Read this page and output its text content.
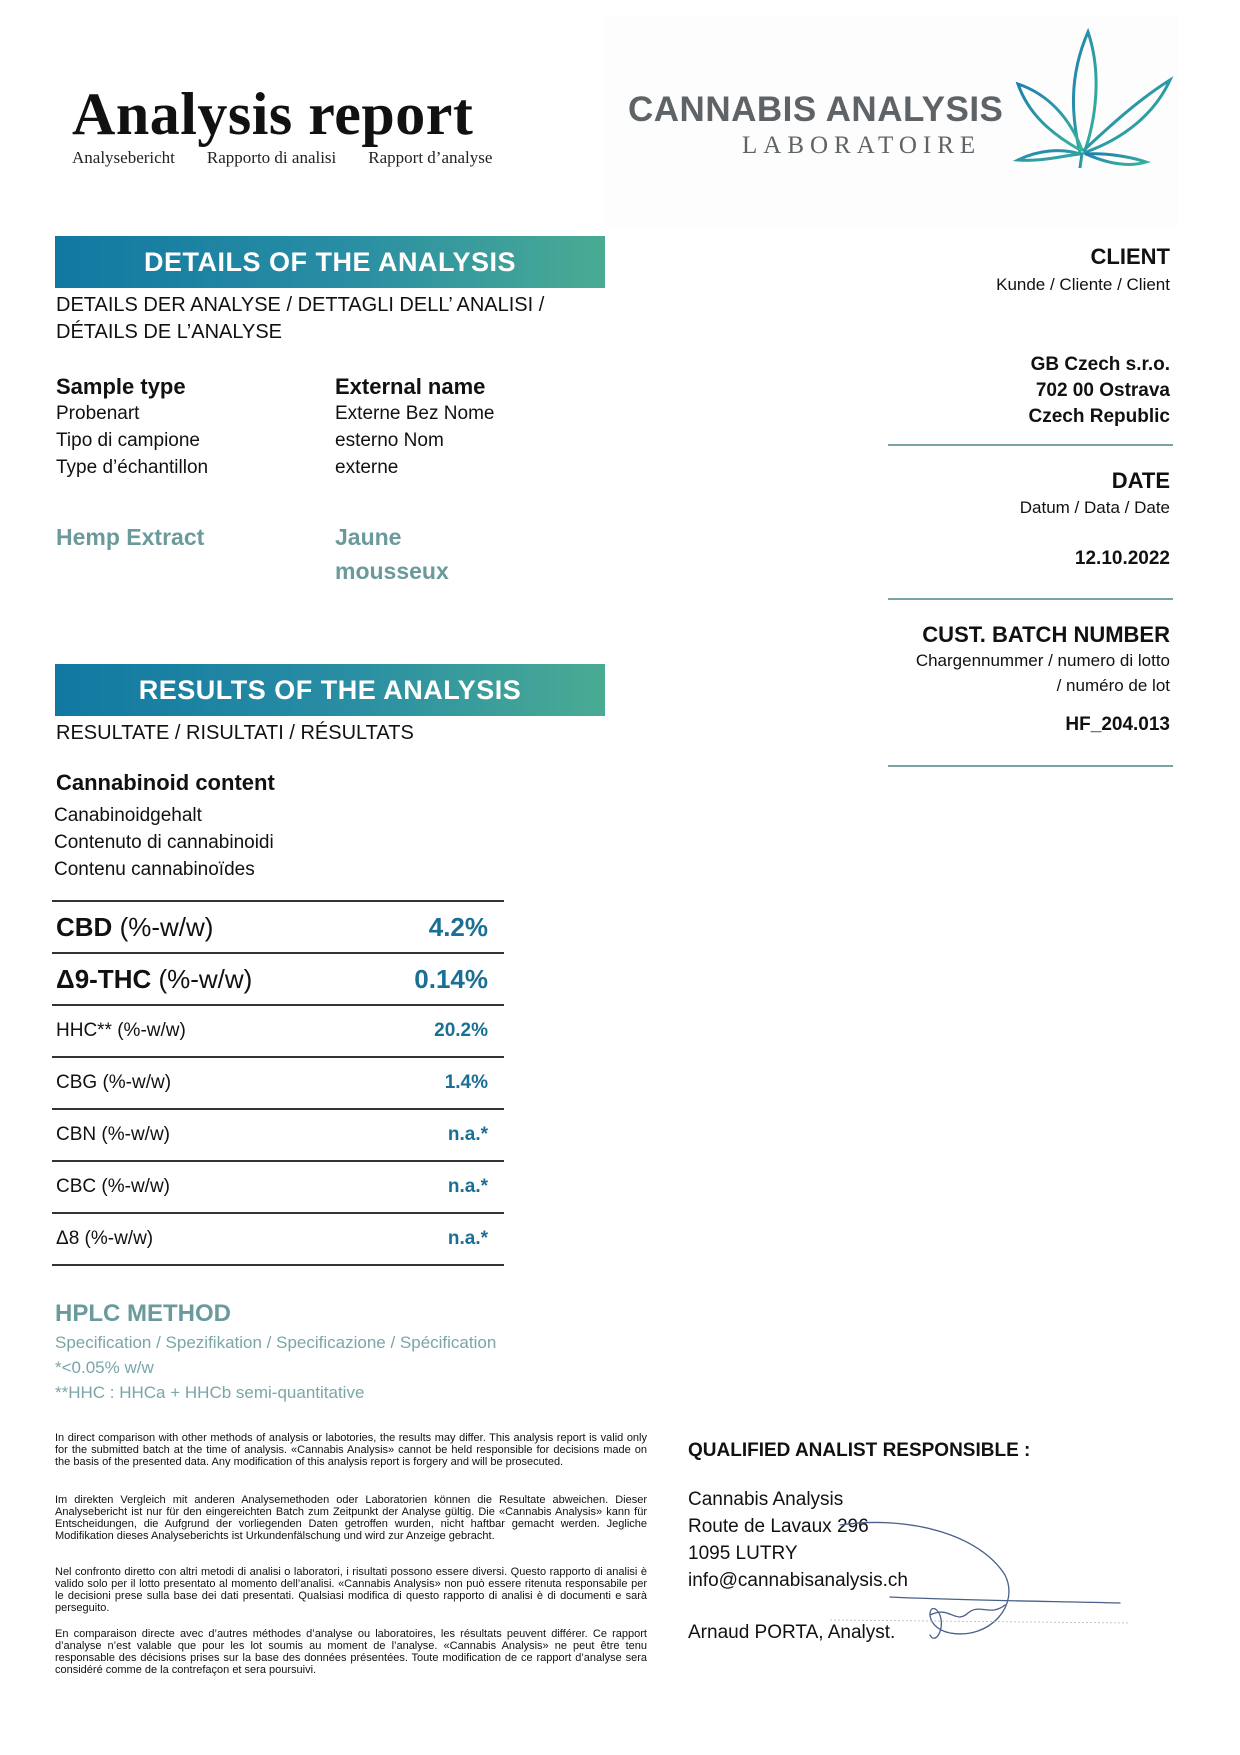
Analysis report
Analysebericht Rapporto di analisi Rapport d’analyse
CANNABIS ANALYSIS
LABORATOIRE
DETAILS OF THE ANALYSIS
DETAILS DER ANALYSE / DETTAGLI DELL’ ANALISI /
DÉTAILS DE L’ANALYSE
Sample type
Probenart
Tipo di campione
Type d’échantillon
Hemp Extract
External name
Externe Bez Nome
esterno Nom
externe
Jaune
mousseux
CLIENT
Kunde / Cliente / Client
GB Czech s.r.o.
702 00 Ostrava
Czech Republic
DATE
Datum / Data / Date
12.10.2022
CUST. BATCH NUMBER
Chargennummer / numero di lotto
/ numéro de lot
HF_204.013
RESULTS OF THE ANALYSIS
RESULTATE / RISULTATI / RÉSULTATS
Cannabinoid content
Canabinoidgehalt
Contenuto di cannabinoidi
Contenu cannabinoïdes
CBD (%-w/w)	4.2%
Δ9-THC (%-w/w)	0.14%
HHC** (%-w/w)	20.2%
CBG (%-w/w)	1.4%
CBN (%-w/w)	n.a.*
CBC (%-w/w)	n.a.*
Δ8 (%-w/w)	n.a.*
HPLC METHOD
Specification / Spezifikation / Specificazione / Spécification
*<0.05% w/w
**HHC : HHCa + HHCb semi-quantitative
In direct comparison with other methods of analysis or labotories, the results may differ. This analysis report is valid only for the submitted batch at the time of analysis. «Cannabis Analysis» cannot be held responsible for decisions made on the basis of the presented data. Any modification of this analysis report is forgery and will be prosecuted.
Im direkten Vergleich mit anderen Analysemethoden oder Laboratorien können die Resultate abweichen. Dieser Analysebericht ist nur für den eingereichten Batch zum Zeitpunkt der Analyse gültig. Die «Cannabis Analysis» kann für Entscheidungen, die Aufgrund der vorliegenden Daten getroffen wurden, nicht haftbar gemacht werden. Jegliche Modifikation dieses Analyseberichts ist Urkundenfälschung und wird zur Anzeige gebracht.
Nel confronto diretto con altri metodi di analisi o laboratori, i risultati possono essere diversi. Questo rapporto di analisi è valido solo per il lotto presentato al momento dell’analisi. «Cannabis Analysis» non può essere ritenuta responsabile per le decisioni prese sulla base dei dati presentati. Qualsiasi modifica di questo rapporto di analisi è di documenti e sarà perseguito.
En comparaison directe avec d’autres méthodes d’analyse ou laboratoires, les résultats peuvent différer. Ce rapport d’analyse n’est valable que pour les lot soumis au moment de l’analyse. «Cannabis Analysis» ne peut être tenu responsable des décisions prises sur la base des données présentées. Toute modification de ce rapport d’analyse sera considéré comme de la contrefaçon et sera poursuivi.
QUALIFIED ANALIST RESPONSIBLE :
Cannabis Analysis
Route de Lavaux 296
1095 LUTRY
info@cannabisanalysis.ch
Arnaud PORTA, Analyst.
